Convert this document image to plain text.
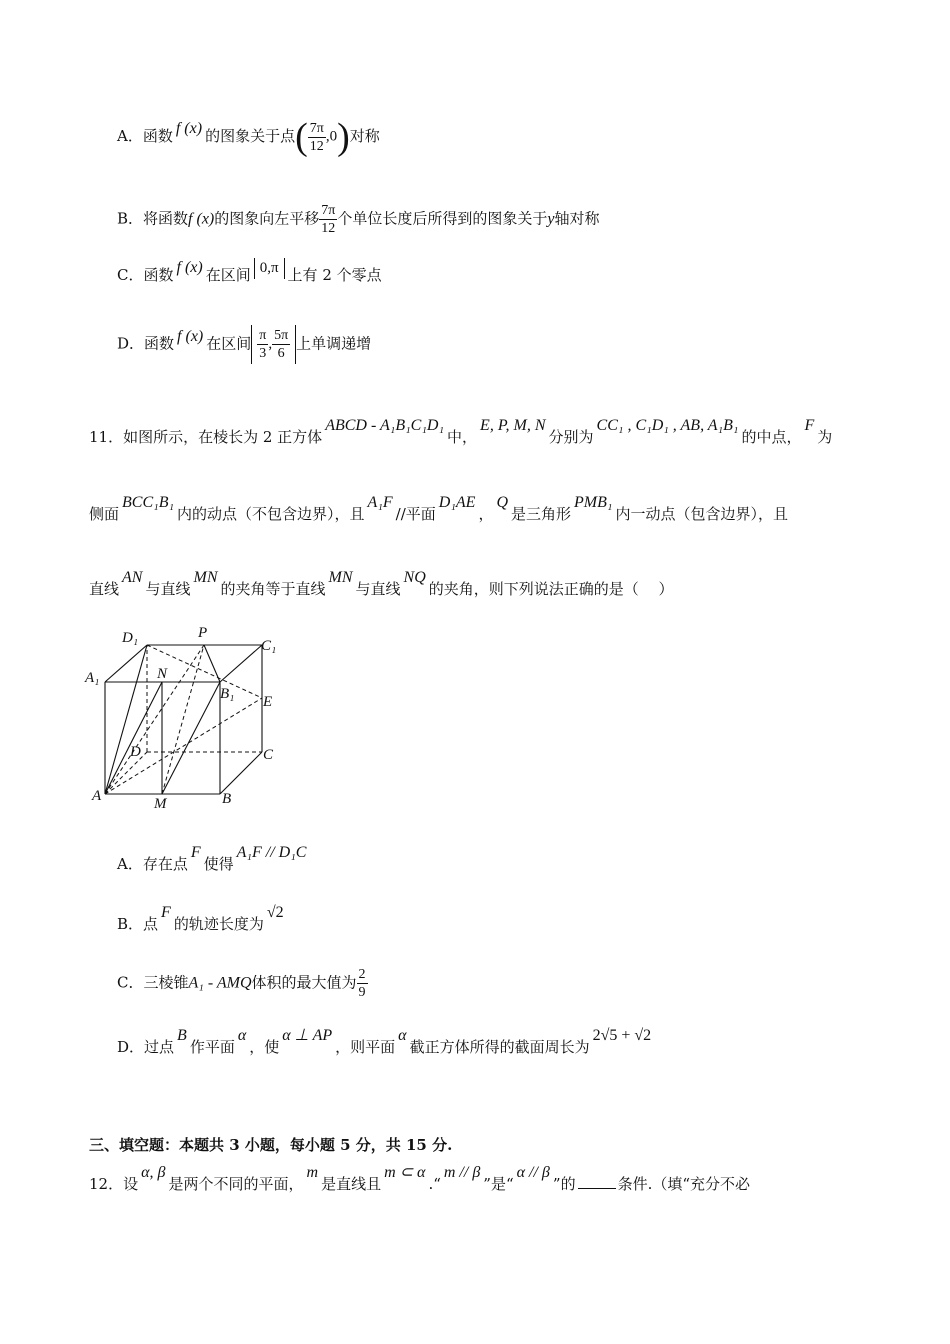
A．函数 f (x) 的图象关于点( $\frac{7\pi}{12} ,0$)对称
B．将函数f (x)的图象向左平移 $\frac{7\pi}{12}$ 个单位长度后所得到的图象关于y轴对称
C．函数 f (x) 在区间 0,π 上有 2 个零点
D．函数 f (x) 在区间 $\frac{\pi}{3}$ , $\frac{5\pi}{6}$ 上单调递增
11．如图所示，在棱长为 2 正方体ABCD - A₁B₁C₁D₁中，E, P, M, N分别为CC₁ , C₁D₁ , AB, A₁B₁的中点，F为
侧面BCC₁B₁内的动点（不包含边界），且A₁F//平面D₁AE，Q是三角形PMB₁内一动点（包含边界），且
直线AN与直线MN的夹角等于直线MN与直线NQ的夹角，则下列说法正确的是（　 ）
D₁	P
C₁
A₁	N
B₁ E
D	C
A	M	B
A．存在点F使得A₁F // D₁C
B．点F的轨迹长度为√2
C．三棱锥A₁ - AMQ体积的最大值为 $\frac{2}{9}$
D．过点B作平面α，使α ⊥ AP，则平面α截正方体所得的截面周长为2√5 + √2
三、填空题：本题共 3 小题，每小题 5 分，共 15 分.
12．设α, β是两个不同的平面，m是直线且m ⊂ α.“m // β”是“α // β”的	条件.（填“充分不必
